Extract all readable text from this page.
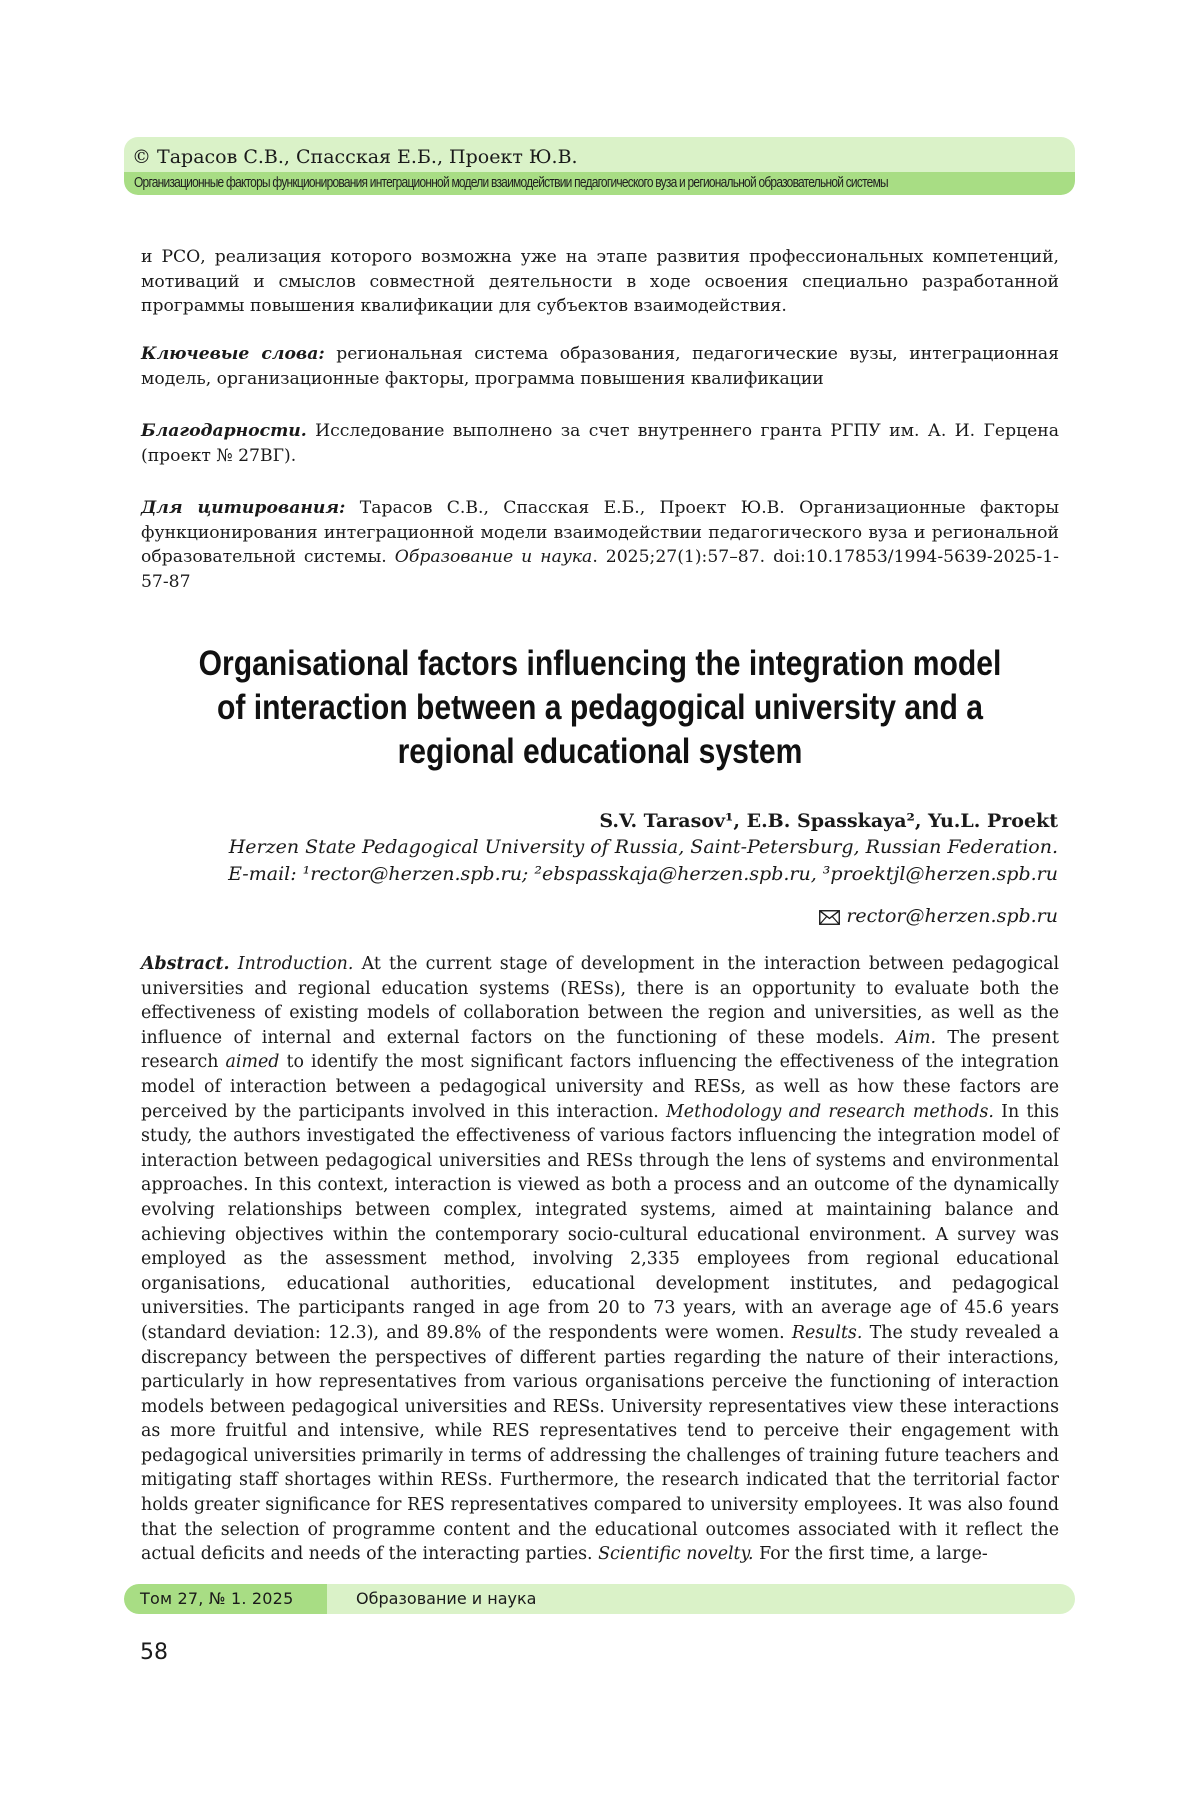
© Тарасов С.В., Спасская Е.Б., Проект Ю.В.
Организационные факторы функционирования интеграционной модели взаимодействии педагогического вуза и региональной образовательной системы
и РСО, реализация которого возможна уже на этапе развития профессиональных компетенций, мотиваций и смыслов совместной деятельности в ходе освоения специально разработанной программы повышения квалификации для субъектов взаимодействия.
Ключевые слова: региональная система образования, педагогические вузы, интеграционная модель, организационные факторы, программа повышения квалификации
Благодарности. Исследование выполнено за счет внутреннего гранта РГПУ им. А. И. Герцена (проект № 27ВГ).
Для цитирования: Тарасов С.В., Спасская Е.Б., Проект Ю.В. Организационные факторы функционирования интеграционной модели взаимодействии педагогического вуза и региональной образовательной системы. Образование и наука. 2025;27(1):57–87. doi:10.17853/1994-5639-2025-1-57-87
Organisational factors influencing the integration model of interaction between a pedagogical university and a regional educational system
S.V. Tarasov¹, E.B. Spasskaya², Yu.L. Proekt
Herzen State Pedagogical University of Russia, Saint-Petersburg, Russian Federation.
E-mail: ¹rector@herzen.spb.ru; ²ebspasskaja@herzen.spb.ru, ³proektjl@herzen.spb.ru
rector@herzen.spb.ru
Abstract. Introduction. At the current stage of development in the interaction between pedagogical universities and regional education systems (RESs), there is an opportunity to evaluate both the effectiveness of existing models of collaboration between the region and universities, as well as the influence of internal and external factors on the functioning of these models. Aim. The present research aimed to identify the most significant factors influencing the effectiveness of the integration model of interaction between a pedagogical university and RESs, as well as how these factors are perceived by the participants involved in this interaction. Methodology and research methods. In this study, the authors investigated the effectiveness of various factors influencing the integration model of interaction between pedagogical universities and RESs through the lens of systems and environmental approaches. In this context, interaction is viewed as both a process and an outcome of the dynamically evolving relationships between complex, integrated systems, aimed at maintaining balance and achieving objectives within the contemporary socio-cultural educational environment. A survey was employed as the assessment method, involving 2,335 employees from regional educational organisations, educational authorities, educational development institutes, and pedagogical universities. The participants ranged in age from 20 to 73 years, with an average age of 45.6 years (standard deviation: 12.3), and 89.8% of the respondents were women. Results. The study revealed a discrepancy between the perspectives of different parties regarding the nature of their interactions, particularly in how representatives from various organisations perceive the functioning of interaction models between pedagogical universities and RESs. University representatives view these interactions as more fruitful and intensive, while RES representatives tend to perceive their engagement with pedagogical universities primarily in terms of addressing the challenges of training future teachers and mitigating staff shortages within RESs. Furthermore, the research indicated that the territorial factor holds greater significance for RES representatives compared to university employees. It was also found that the selection of programme content and the educational outcomes associated with it reflect the actual deficits and needs of the interacting parties. Scientific novelty. For the first time, a large-
Том 27, № 1. 2025	Образование и наука
58
